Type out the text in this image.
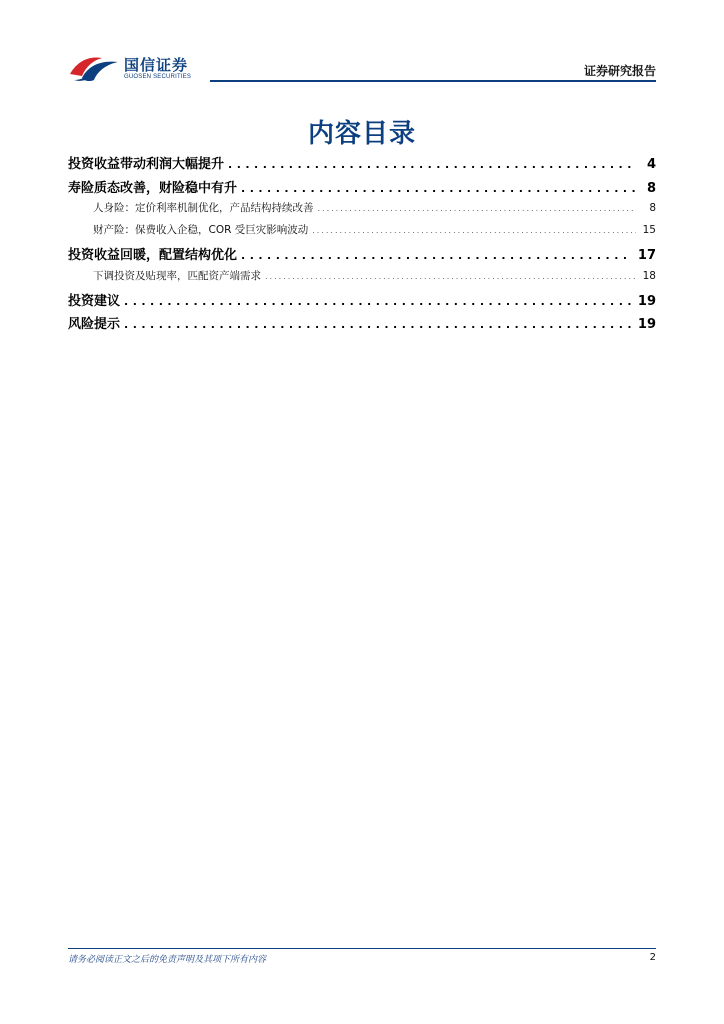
国信证券
GUOSEN SECURITIES	证券研究报告
内容目录
投资收益带动利润大幅提升 .....	4
寿险质态改善，财险稳中有升 .....	8
人身险：定价利率机制优化，产品结构持续改善 .....	8
财产险：保费收入企稳，COR 受巨灾影响波动 .....	15
投资收益回暖，配置结构优化 .....	17
下调投资及贴现率，匹配资产端需求 .....	18
投资建议 .....	19
风险提示 .....	19
请务必阅读正文之后的免责声明及其项下所有内容	2
